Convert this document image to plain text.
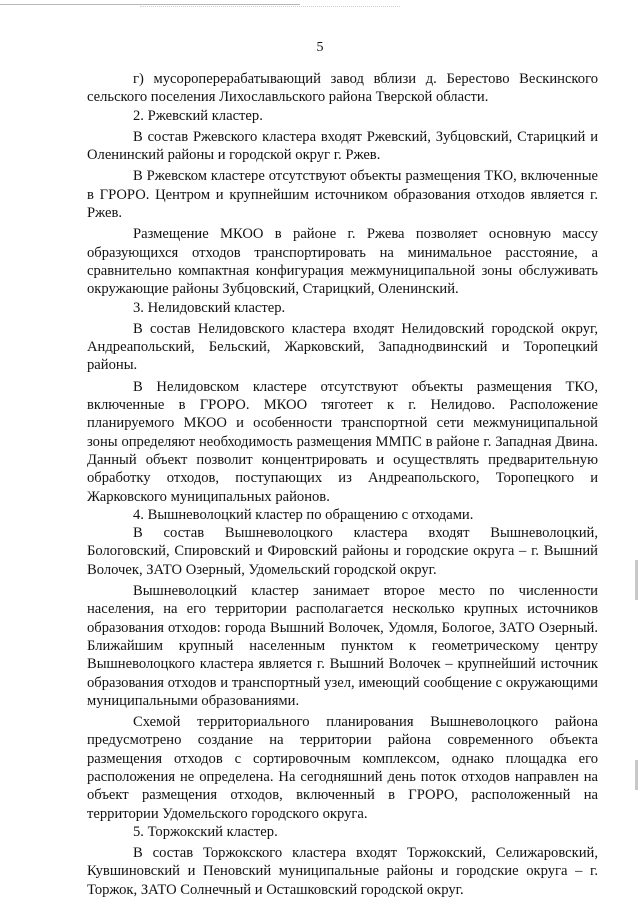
5

г) мусороперерабатывающий завод вблизи д. Берестово Вескинского сельского поселения Лихославльского района Тверской области.

2. Ржевский кластер.

В состав Ржевского кластера входят Ржевский, Зубцовский, Старицкий и Оленинский районы и городской округ г. Ржев.

В Ржевском кластере отсутствуют объекты размещения ТКО, включенные в ГРОРО. Центром и крупнейшим источником образования отходов является г. Ржев.

Размещение МКОО в районе г. Ржева позволяет основную массу образующихся отходов транспортировать на минимальное расстояние, а сравнительно компактная конфигурация межмуниципальной зоны обслуживать окружающие районы Зубцовский, Старицкий, Оленинский.

3. Нелидовский кластер.

В состав Нелидовского кластера входят Нелидовский городской округ, Андреапольский, Бельский, Жарковский, Западнодвинский и Торопецкий районы.

В Нелидовском кластере отсутствуют объекты размещения ТКО, включенные в ГРОРО. МКОО тяготеет к г. Нелидово. Расположение планируемого МКОО и особенности транспортной сети межмуниципальной зоны определяют необходимость размещения ММПС в районе г. Западная Двина. Данный объект позволит концентрировать и осуществлять предварительную обработку отходов, поступающих из Андреапольского, Торопецкого и Жарковского муниципальных районов.

4. Вышневолоцкий кластер по обращению с отходами.

В состав Вышневолоцкого кластера входят Вышневолоцкий, Бологовский, Спировский и Фировский районы и городские округа – г. Вышний Волочек, ЗАТО Озерный, Удомельский городской округ.

Вышневолоцкий кластер занимает второе место по численности населения, на его территории располагается несколько крупных источников образования отходов: города Вышний Волочек, Удомля, Бологое, ЗАТО Озерный. Ближайшим крупный населенным пунктом к геометрическому центру Вышневолоцкого кластера является г. Вышний Волочек – крупнейший источник образования отходов и транспортный узел, имеющий сообщение с окружающими муниципальными образованиями.

Схемой территориального планирования Вышневолоцкого района предусмотрено создание на территории района современного объекта размещения отходов с сортировочным комплексом, однако площадка его расположения не определена. На сегодняшний день поток отходов направлен на объект размещения отходов, включенный в ГРОРО, расположенный на территории Удомельского городского округа.

5. Торжокский кластер.

В состав Торжокского кластера входят Торжокский, Селижаровский, Кувшиновский и Пеновский муниципальные районы и городские округа – г. Торжок, ЗАТО Солнечный и Осташковский городской округ.
